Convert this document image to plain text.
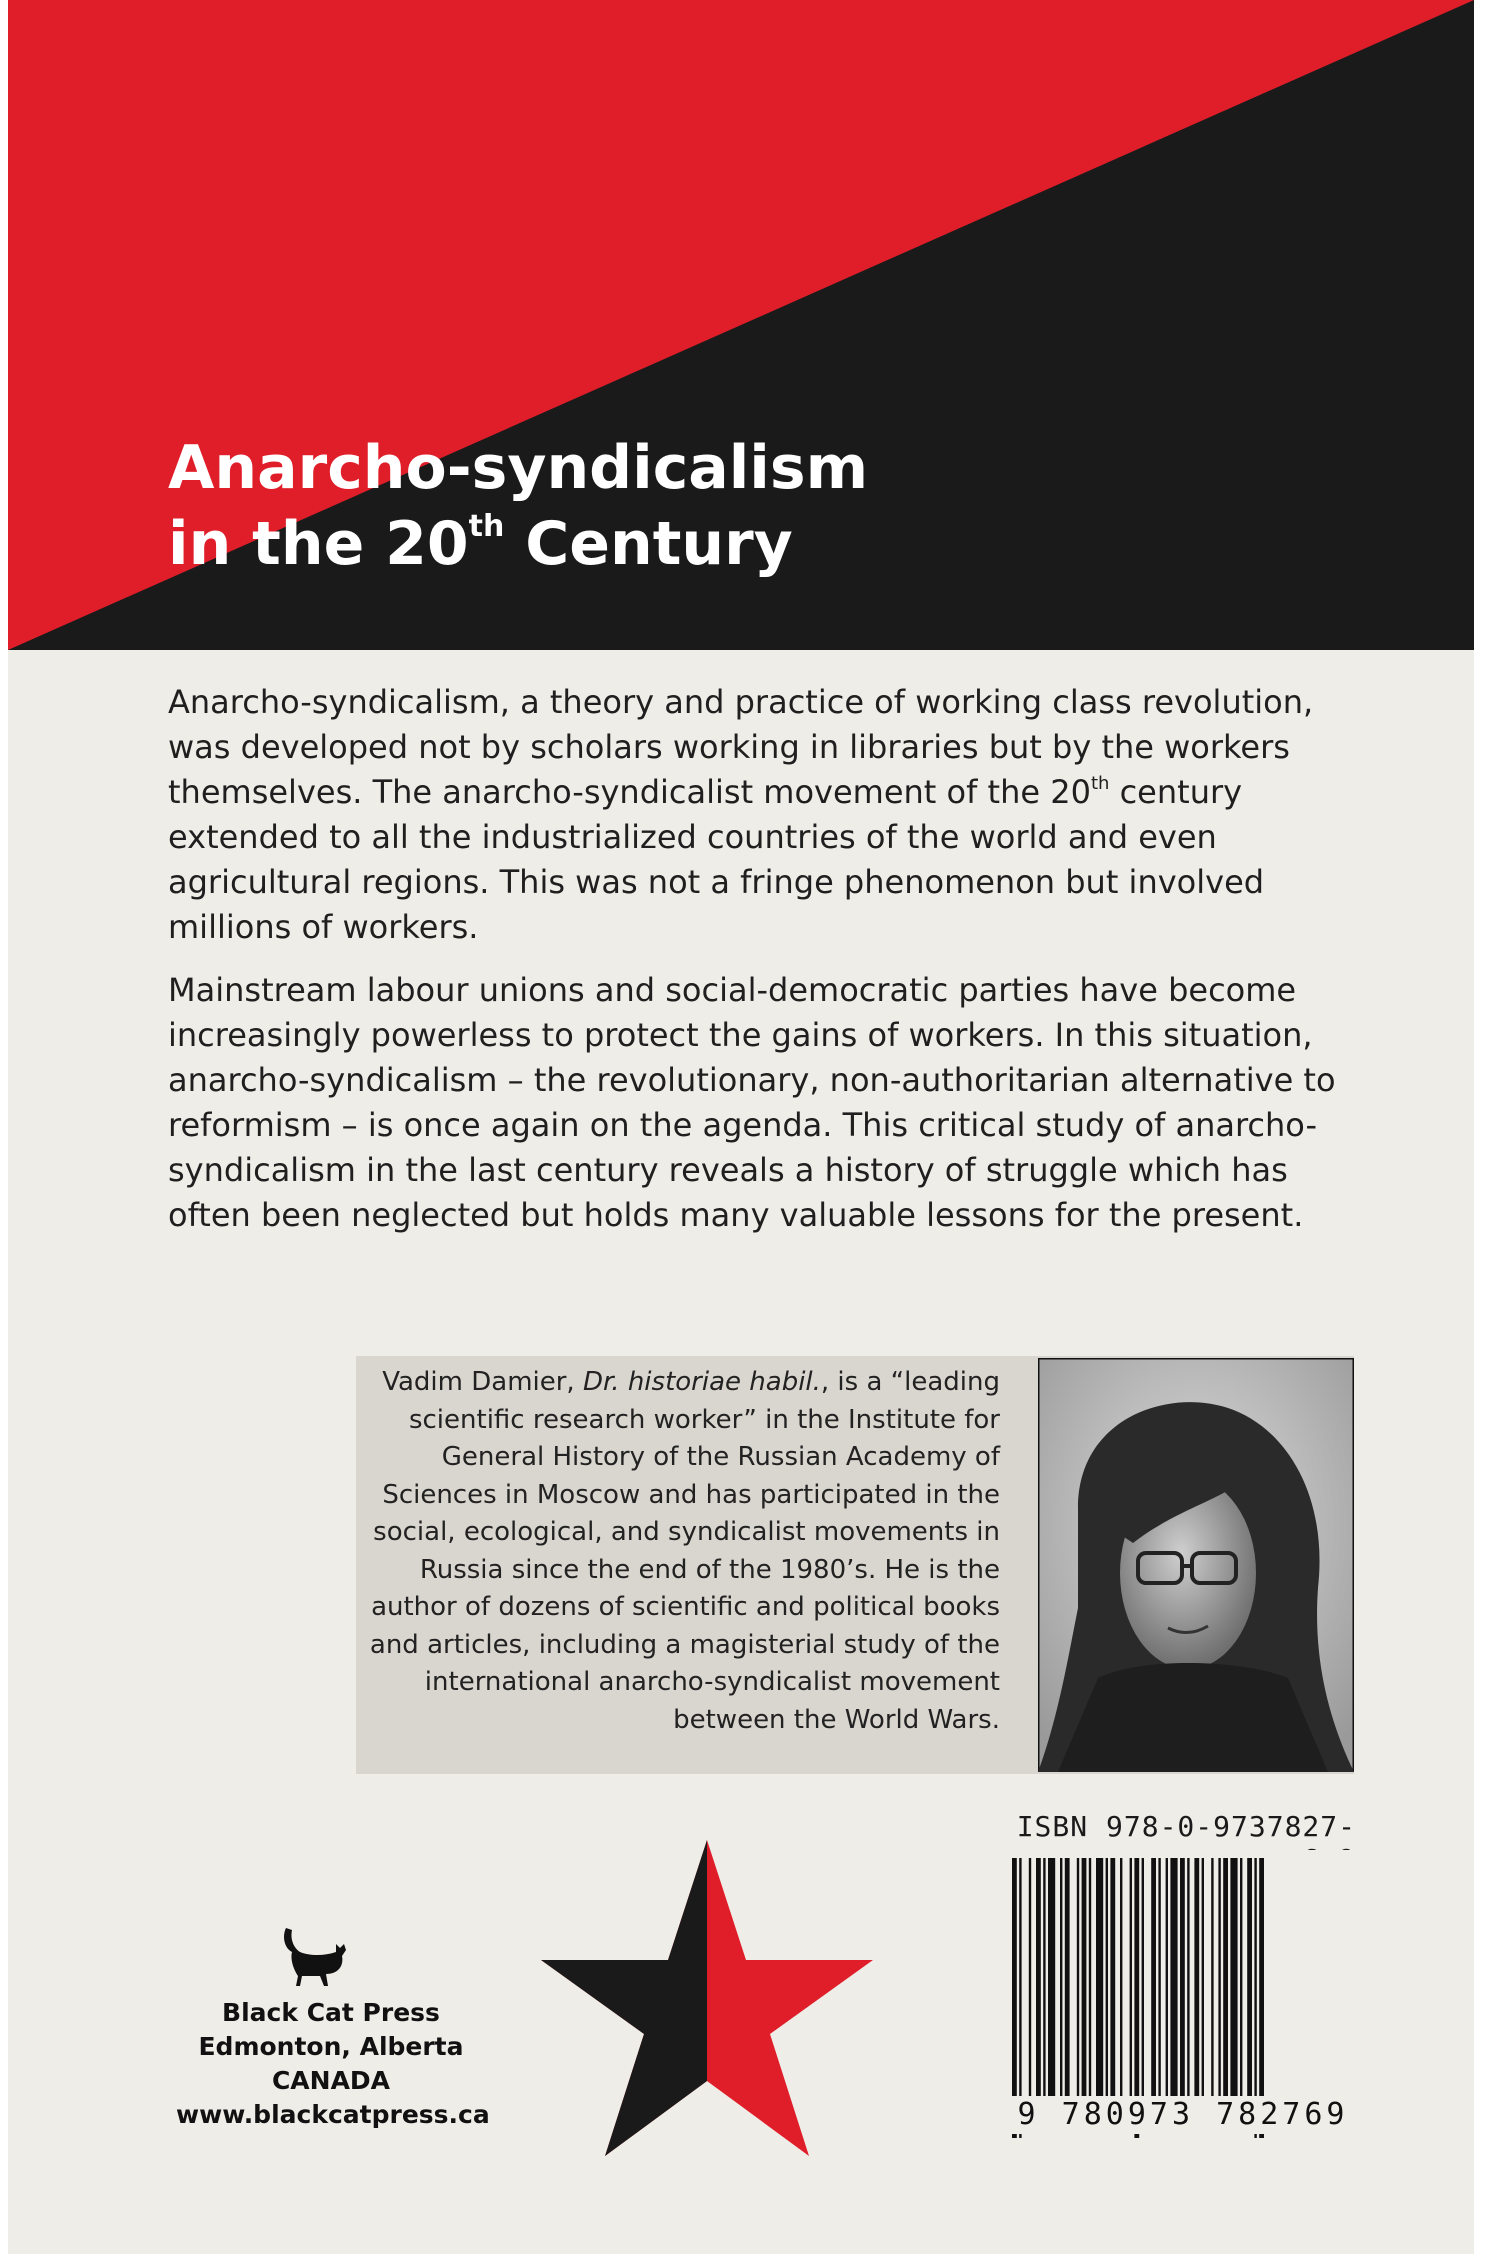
Anarcho-syndicalism
in the 20th Century

Anarcho-syndicalism, a theory and practice of working class revolution, was developed not by scholars working in libraries but by the workers themselves. The anarcho-syndicalist movement of the 20th century extended to all the industrialized countries of the world and even agricultural regions. This was not a fringe phenomenon but involved millions of workers.

Mainstream labour unions and social-democratic parties have become increasingly powerless to protect the gains of workers. In this situation, anarcho-syndicalism – the revolutionary, non-authoritarian alternative to reformism – is once again on the agenda. This critical study of anarcho-syndicalism in the last century reveals a history of struggle which has often been neglected but holds many valuable lessons for the present.

Vadim Damier, Dr. historiae habil., is a “leading scientific research worker” in the Institute for General History of the Russian Academy of Sciences in Moscow and has participated in the social, ecological, and syndicalist movements in Russia since the end of the 1980’s. He is the author of dozens of scientific and political books and articles, including a magisterial study of the international anarcho-syndicalist movement between the World Wars.
ISBN 978-0-9737827-
9 780973 782769
Black Cat Press
Edmonton, Alberta
CANADA
www.blackcatpress.ca
